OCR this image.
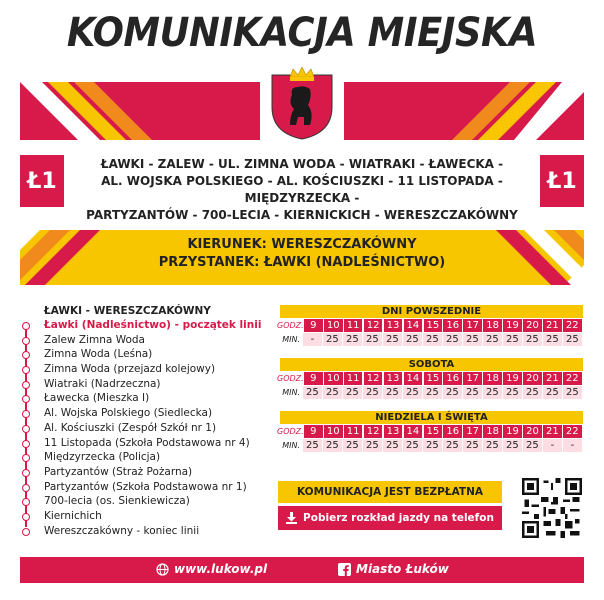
KOMUNIKACJA MIEJSKA
Ł1	Ł1
ŁAWKI - ZALEW - UL. ZIMNA WODA - WIATRAKI - ŁAWECKA -
AL. WOJSKA POLSKIEGO - AL. KOŚCIUSZKI - 11 LISTOPADA - MIĘDZYRZECKA -
PARTYZANTÓW - 700-LECIA - KIERNICKICH - WERESZCZAKÓWNY
KIERUNEK: WERESZCZAKÓWNY
PRZYSTANEK: ŁAWKI (NADLEŚNICTWO)
ŁAWKI - WERESZCZAKÓWNY
Ławki (Nadleśnictwo) - początek linii
Zalew Zimna Woda
Zimna Woda (Leśna)
Zimna Woda (przejazd kolejowy)
Wiatraki (Nadrzeczna)
Ławecka (Mieszka I)
Al. Wojska Polskiego (Siedlecka)
Al. Kościuszki (Zespół Szkół nr 1)
11 Listopada (Szkoła Podstawowa nr 4)
Międzyrzecka (Policja)
Partyzantów (Straż Pożarna)
Partyzantów (Szkoła Podstawowa nr 1)
700-lecia (os. Sienkiewicza)
Kiernichich
Wereszczakówny - koniec linii
DNI POWSZEDNIE
GODZ. 9	10 11 12 13 14 15 16 17 18 19 20 21 22
MIN.	-	25 25 25 25 25 25 25 25 25 25 25 25 25
SOBOTA
GODZ. 9	10 11 12 13 14 15 16 17 18 19 20 21 22
MIN. 25 25 25 25 25 25 25 25 25 25 25 25 25 25
NIEDZIELA I ŚWIĘTA
GODZ. 9	10 11 12 13 14 15 16 17 18 19 20 21 22
MIN. 25 25 25 25 25 25 25 25 25 25 25 25	-	-
KOMUNIKACJA JEST BEZPŁATNA
Pobierz rozkład jazdy na telefon
www.lukow.pl	Miasto Łuków
